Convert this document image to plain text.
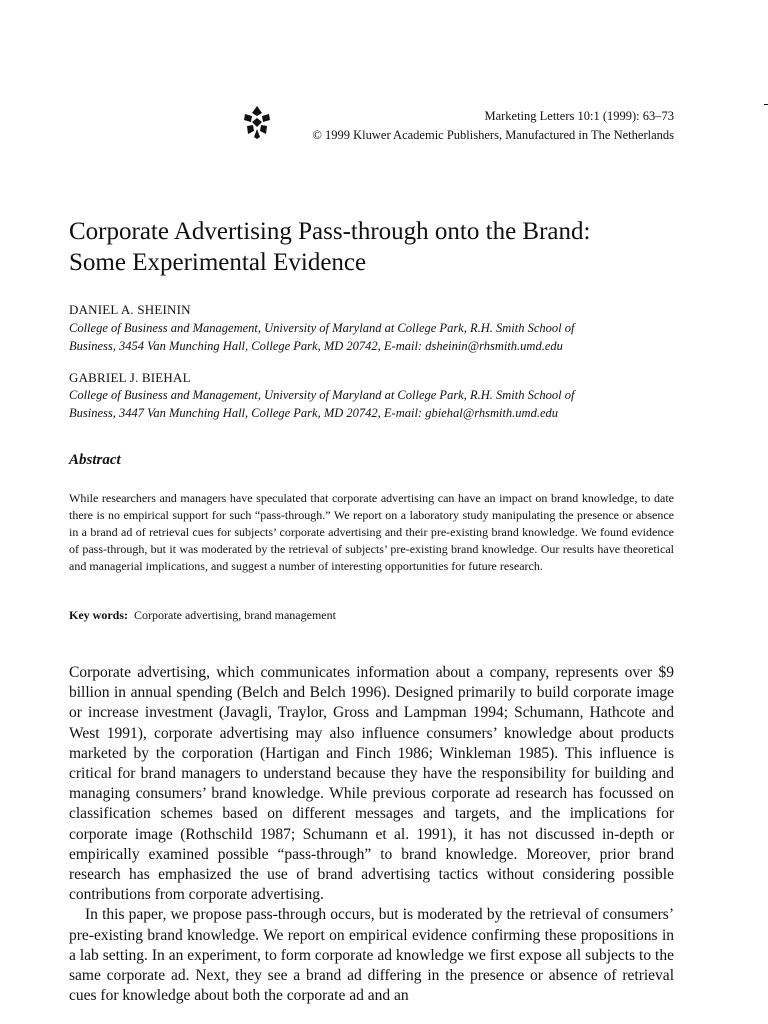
Marketing Letters 10:1 (1999): 63–73
© 1999 Kluwer Academic Publishers, Manufactured in The Netherlands
Corporate Advertising Pass-through onto the Brand:
Some Experimental Evidence
DANIEL A. SHEININ
College of Business and Management, University of Maryland at College Park, R.H. Smith School of
Business, 3454 Van Munching Hall, College Park, MD 20742, E-mail: dsheinin@rhsmith.umd.edu
GABRIEL J. BIEHAL
College of Business and Management, University of Maryland at College Park, R.H. Smith School of
Business, 3447 Van Munching Hall, College Park, MD 20742, E-mail: gbiehal@rhsmith.umd.edu
Abstract
While researchers and managers have speculated that corporate advertising can have an impact on brand knowledge, to date there is no empirical support for such “pass-through.” We report on a laboratory study manipulating the presence or absence in a brand ad of retrieval cues for subjects’ corporate advertising and their pre-existing brand knowledge. We found evidence of pass-through, but it was moderated by the retrieval of subjects’ pre-existing brand knowledge. Our results have theoretical and managerial implications, and suggest a number of interesting opportunities for future research.
Key words: Corporate advertising, brand management

Corporate advertising, which communicates information about a company, represents over $9 billion in annual spending (Belch and Belch 1996). Designed primarily to build corporate image or increase investment (Javagli, Traylor, Gross and Lampman 1994; Schumann, Hathcote and West 1991), corporate advertising may also influence consumers’ knowledge about products marketed by the corporation (Hartigan and Finch 1986; Winkleman 1985). This influence is critical for brand managers to understand because they have the responsibility for building and managing consumers’ brand knowledge. While previous corporate ad research has focussed on classification schemes based on different messages and targets, and the implications for corporate image (Rothschild 1987; Schumann et al. 1991), it has not discussed in-depth or empirically examined possible “pass-through” to brand knowledge. Moreover, prior brand research has emphasized the use of brand advertising tactics without considering possible contributions from corporate advertising.

In this paper, we propose pass-through occurs, but is moderated by the retrieval of consumers’ pre-existing brand knowledge. We report on empirical evidence confirming these propositions in a lab setting. In an experiment, to form corporate ad knowledge we first expose all subjects to the same corporate ad. Next, they see a brand ad differing in the presence or absence of retrieval cues for knowledge about both the corporate ad and an
